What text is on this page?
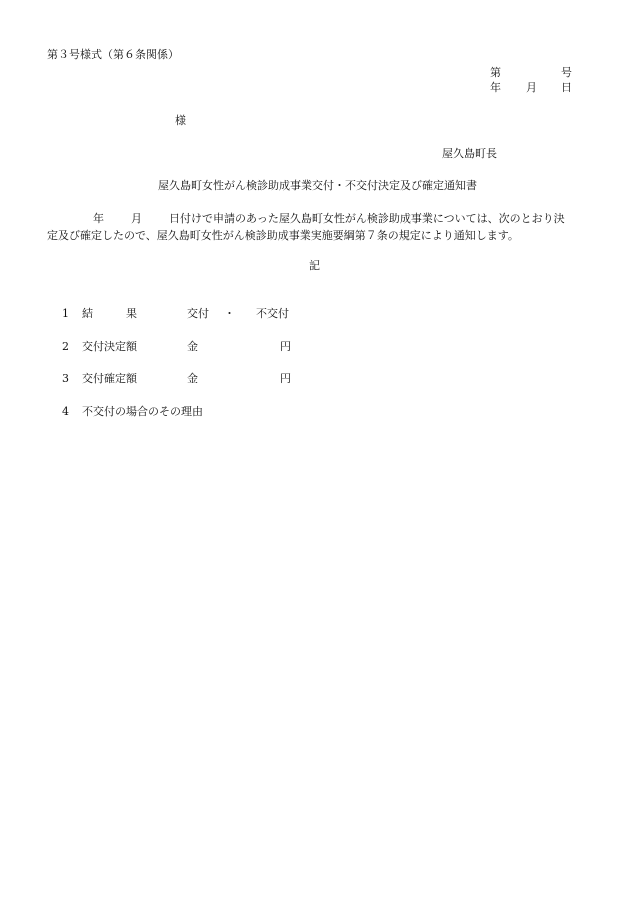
第３号様式（第６条関係）
第	号
年 月 日
様
屋久島町長
屋久島町女性がん検診助成事業交付・不交付決定及び確定通知書
年 月 日付けで申請のあった屋久島町女性がん検診助成事業については、次のとおり決
定及び確定したので、屋久島町女性がん検診助成事業実施要綱第７条の規定により通知します。
記
1 結　　　果	交付 ・ 不交付
2 交付決定額	金	円
3 交付確定額	金	円
4 不交付の場合のその理由
